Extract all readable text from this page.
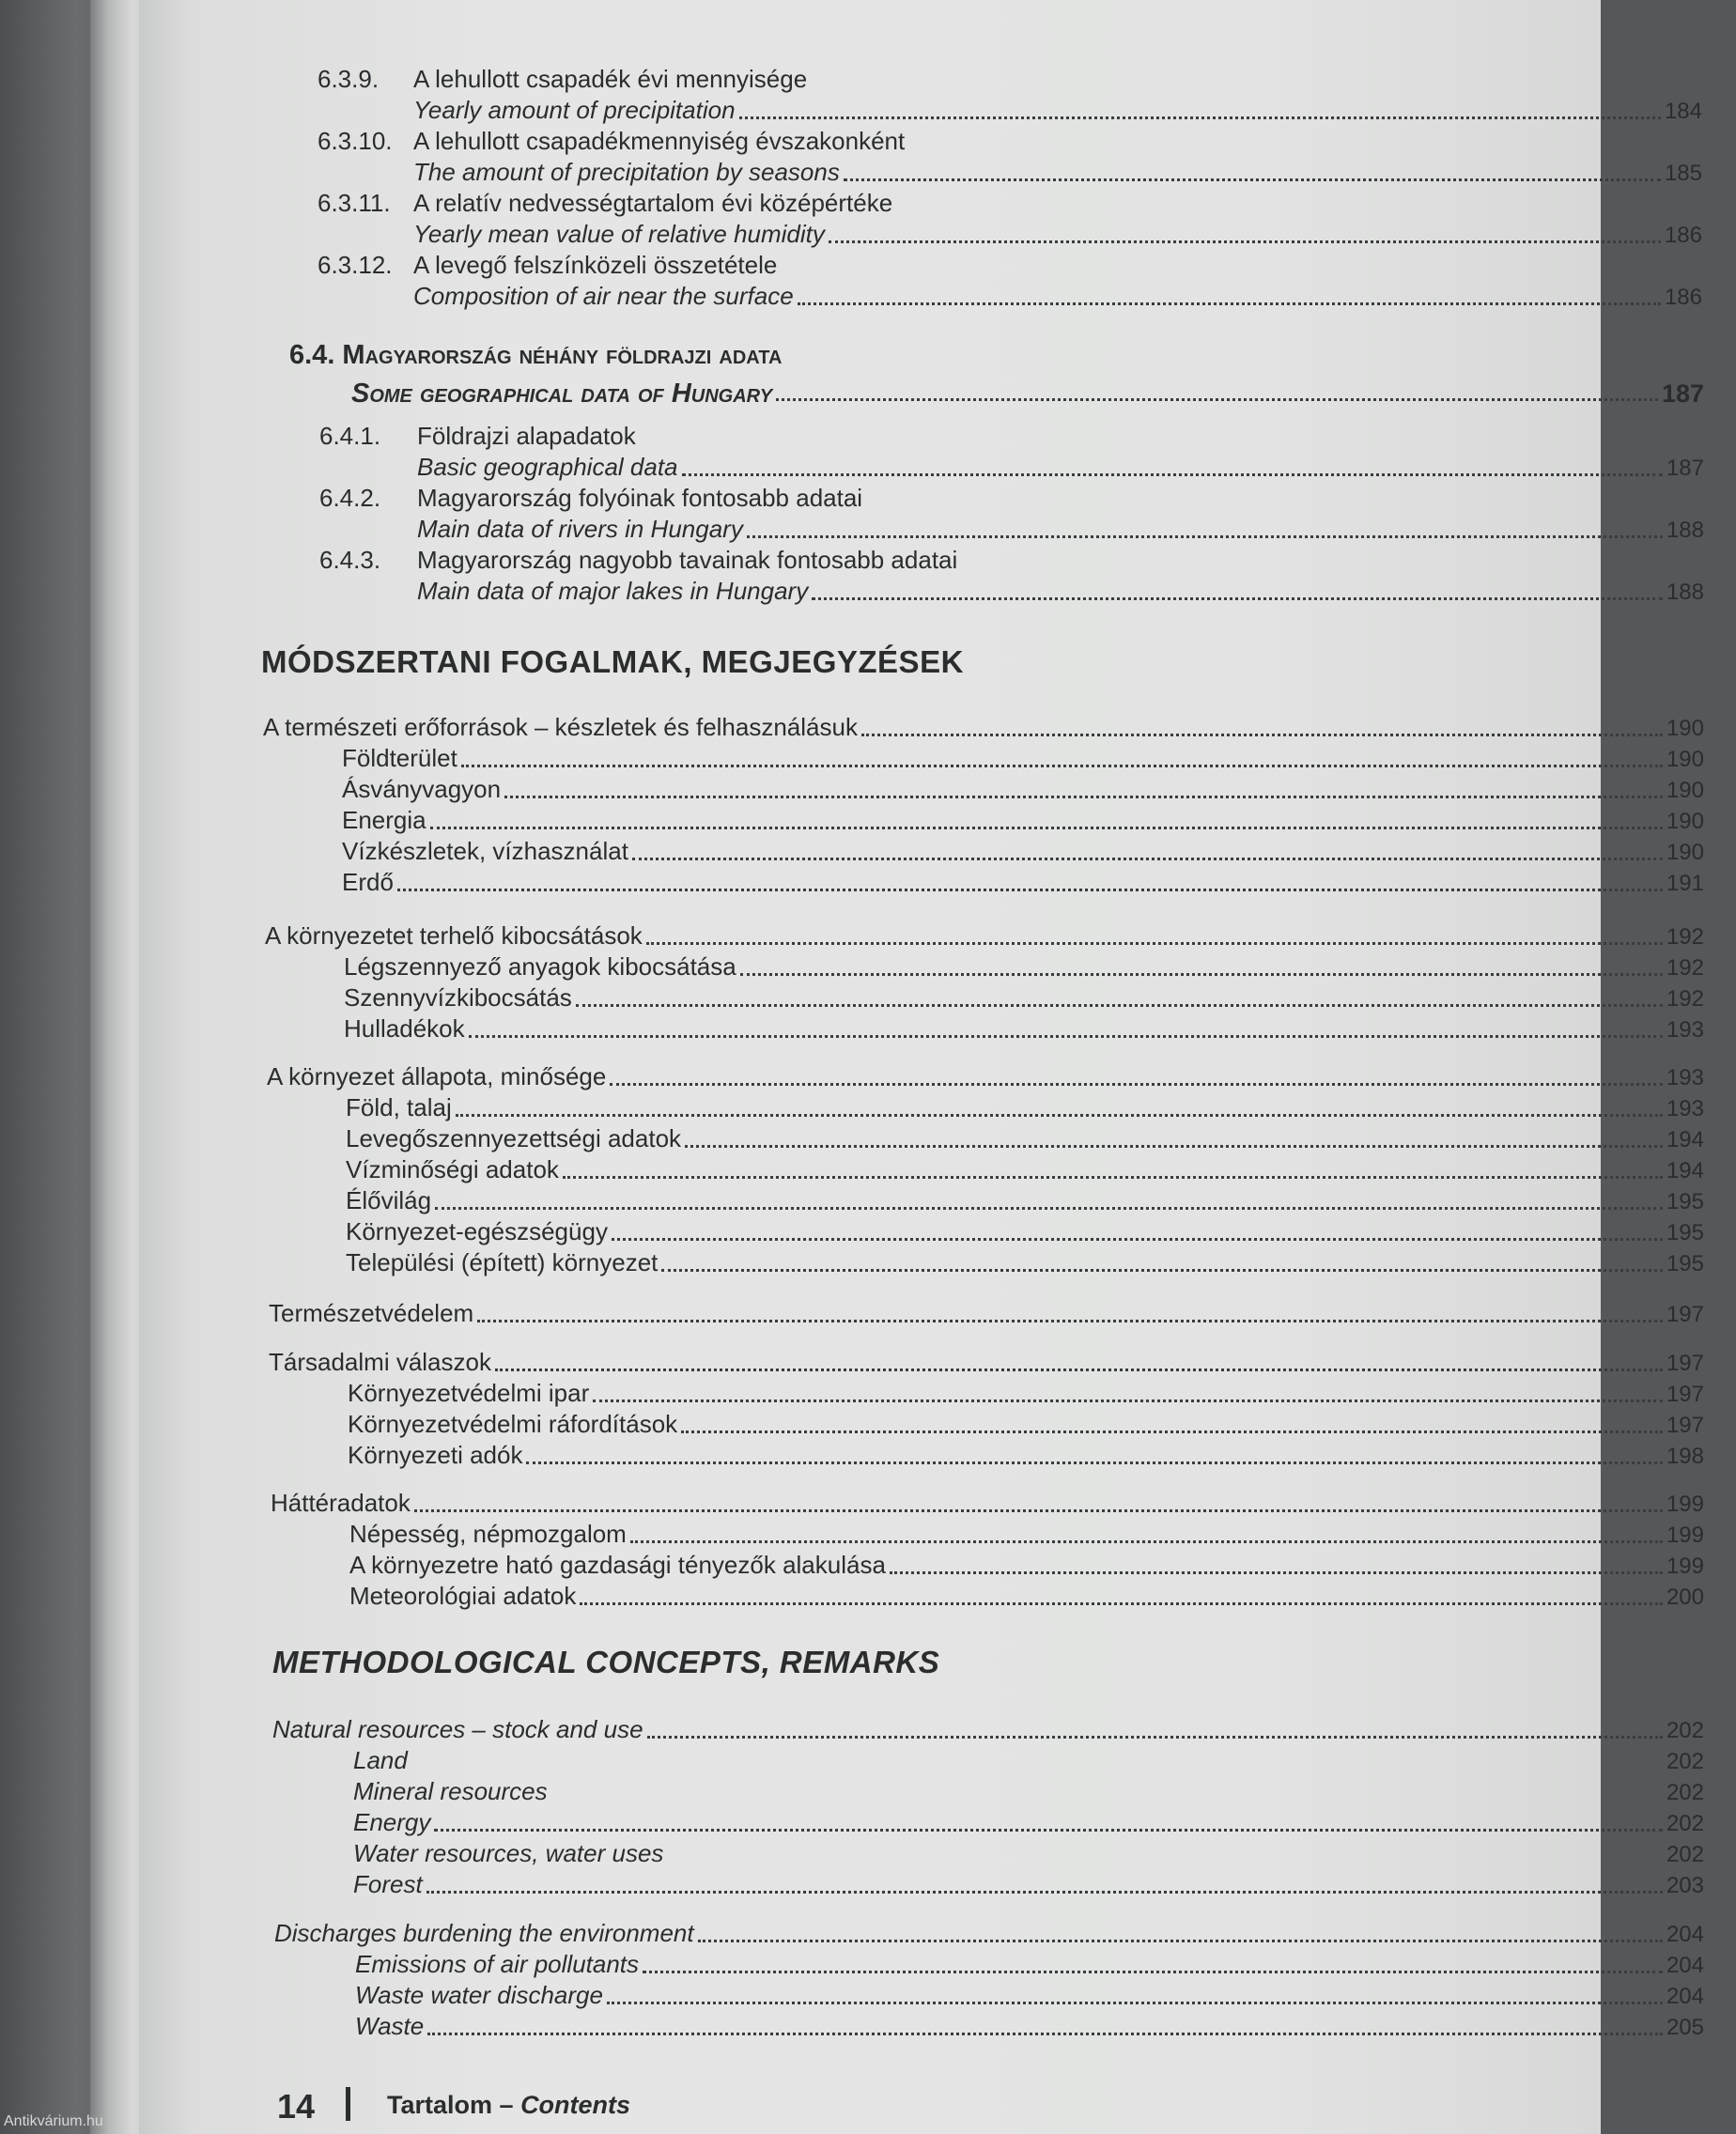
6.3.9. A lehullott csapadék évi mennyisége
Yearly amount of precipitation	184
6.3.10. A lehullott csapadékmennyiség évszakonként
The amount of precipitation by seasons	185
6.3.11. A relatív nedvességtartalom évi középértéke
Yearly mean value of relative humidity	186
6.3.12. A levegő felszínközeli összetétele
Composition of air near the surface	186
6.4. Magyarország néhány földrajzi adata
Some geographical data of Hungary	187
6.4.1. Földrajzi alapadatok
Basic geographical data	187
6.4.2. Magyarország folyóinak fontosabb adatai
Main data of rivers in Hungary	188
6.4.3. Magyarország nagyobb tavainak fontosabb adatai
Main data of major lakes in Hungary	188
MÓDSZERTANI FOGALMAK, MEGJEGYZÉSEK
A természeti erőforrások – készletek és felhasználásuk	190
Földterület	190
Ásványvagyon	190
Energia	190
Vízkészletek, vízhasználat	190
Erdő	191
A környezetet terhelő kibocsátások	192
Légszennyező anyagok kibocsátása	192
Szennyvízkibocsátás	192
Hulladékok	193
A környezet állapota, minősége	193
Föld, talaj	193
Levegőszennyezettségi adatok	194
Vízminőségi adatok	194
Élővilág	195
Környezet-egészségügy	195
Települési (épített) környezet	195
Természetvédelem	197
Társadalmi válaszok	197
Környezetvédelmi ipar	197
Környezetvédelmi ráfordítások	197
Környezeti adók	198
Háttéradatok	199
Népesség, népmozgalom	199
A környezetre ható gazdasági tényezők alakulása	199
Meteorológiai adatok	200
METHODOLOGICAL CONCEPTS, REMARKS
Natural resources – stock and use	202
Land	202
Mineral resources	202
Energy	202
Water resources, water uses	202
Forest	203
Discharges burdening the environment	204
Emissions of air pollutants	204
Waste water discharge	204
Waste	205
14	Tartalom – Contents
Antikvárium.hu
